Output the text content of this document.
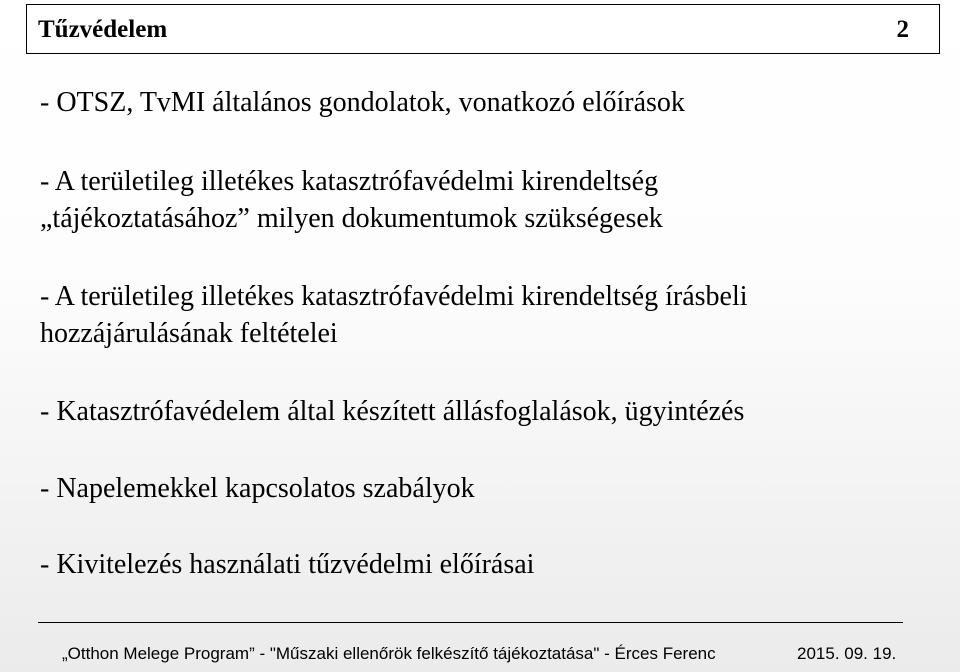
Tűzvédelem	2
- OTSZ, TvMI általános gondolatok, vonatkozó előírások
- A területileg illetékes katasztrófavédelmi kirendeltség
„tájékoztatásához” milyen dokumentumok szükségesek
- A területileg illetékes katasztrófavédelmi kirendeltség írásbeli
hozzájárulásának feltételei
- Katasztrófavédelem által készített állásfoglalások, ügyintézés
- Napelemekkel kapcsolatos szabályok
- Kivitelezés használati tűzvédelmi előírásai
„Otthon Melege Program” - "Műszaki ellenőrök felkészítő tájékoztatása" - Érces Ferenc	2015. 09. 19.
